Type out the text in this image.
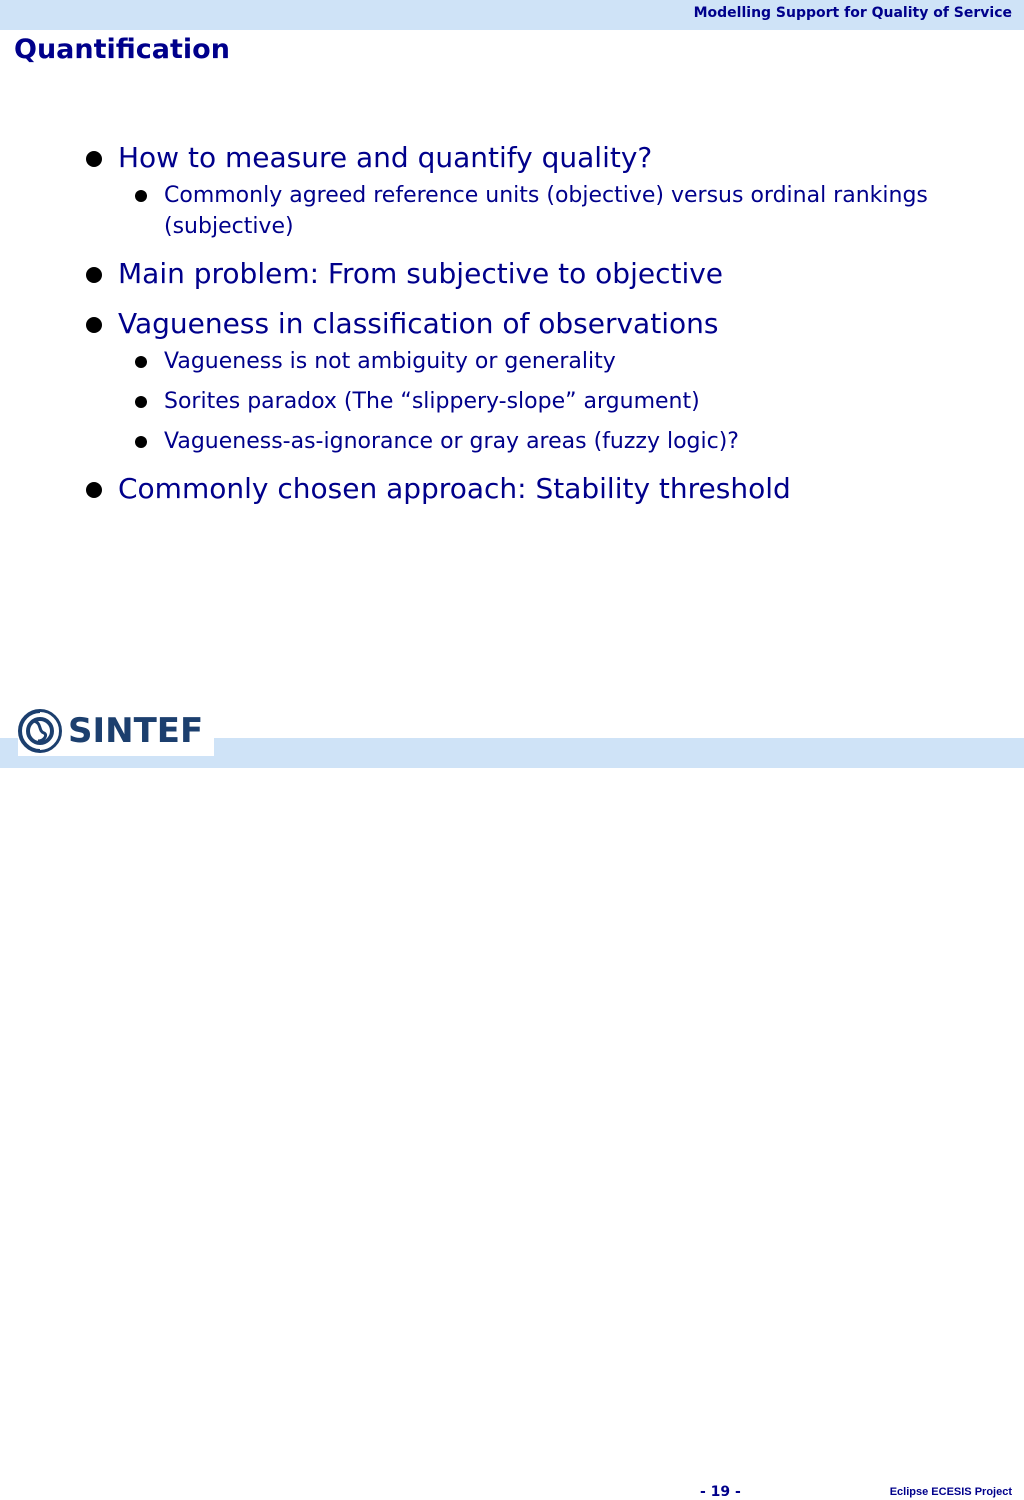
Modelling Support for Quality of Service
Quantification
How to measure and quantify quality?
Commonly agreed reference units (objective) versus ordinal rankings (subjective)
Main problem: From subjective to objective
Vagueness in classification of observations
Vagueness is not ambiguity or generality
Sorites paradox (The “slippery-slope” argument)
Vagueness-as-ignorance or gray areas (fuzzy logic)?
Commonly chosen approach: Stability threshold
- 19 -	Eclipse ECESIS Project
SINTEF
